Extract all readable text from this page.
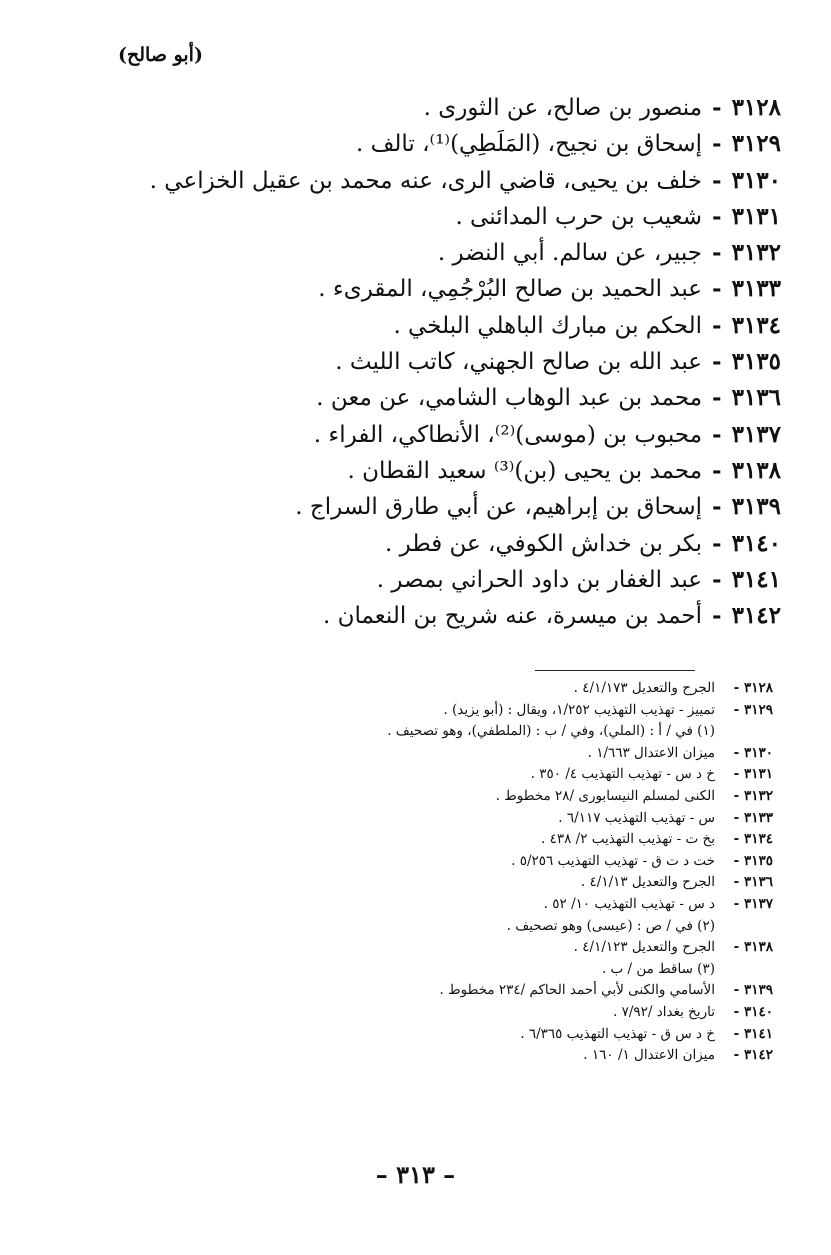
(أبو صالح)
٣١٢٨-منصور بن صالح، عن الثورى .
٣١٢٩-إسحاق بن نجيح، (المَلَطِي)⁽¹⁾، تالف .
٣١٣٠-خلف بن يحيى، قاضي الرى، عنه محمد بن عقيل الخزاعي .
٣١٣١-شعيب بن حرب المدائنى .
٣١٣٢-جبير، عن سالم. أبي النضر .
٣١٣٣-عبد الحميد بن صالح البُرْجُمِي، المقرىء .
٣١٣٤-الحكم بن مبارك الباهلي البلخي .
٣١٣٥-عبد الله بن صالح الجهني، كاتب الليث .
٣١٣٦-محمد بن عبد الوهاب الشامي، عن معن .
٣١٣٧-محبوب بن (موسى)⁽²⁾، الأنطاكي، الفراء .
٣١٣٨-محمد بن يحيى (بن)⁽³⁾ سعيد القطان .
٣١٣٩-إسحاق بن إبراهيم، عن أبي طارق السراج .
٣١٤٠-بكر بن خداش الكوفي، عن فطر .
٣١٤١-عبد الغفار بن داود الحراني بمصر .
٣١٤٢-أحمد بن ميسرة، عنه شريح بن النعمان .
٣١٢٨ -الجرح والتعديل ٤/١/١٧٣ .
٣١٢٩ -تمييز - تهذيب التهذيب ١/٢٥٢، ويقال : (أبو يزيد) .
(١) في / أ : (الملي)، وفي / ب : (الملطفي)، وهو تصحيف .
٣١٣٠ -ميزان الاعتدال ١/٦٦٣ .
٣١٣١ -خ د س - تهذيب التهذيب ٤/ ٣٥٠ .
٣١٣٢ -الكنى لمسلم النيسابورى /٢٨ مخطوط .
٣١٣٣ -س - تهذيب التهذيب ٦/١١٧ .
٣١٣٤ -بخ ت - تهذيب التهذيب ٢/ ٤٣٨ .
٣١٣٥ -خت د ت ق - تهذيب التهذيب ٥/٢٥٦ .
٣١٣٦ -الجرح والتعديل ٤/١/١٣ .
٣١٣٧ -د س - تهذيب التهذيب ١٠/ ٥٢ .
(٢) في / ص : (عيسى) وهو تصحيف .
٣١٣٨ -الجرح والتعديل ٤/١/١٢٣ .
(٣) ساقط من / ب .
٣١٣٩ -الأسامي والكنى لأبي أحمد الحاكم /٢٣٤ مخطوط .
٣١٤٠ -تاريخ بغداد /٧/٩٢ .
٣١٤١ -خ د س ق - تهذيب التهذيب ٦/٣٦٥ .
٣١٤٢ -ميزان الاعتدال ١/ ١٦٠ .
– ٣١٣ –
